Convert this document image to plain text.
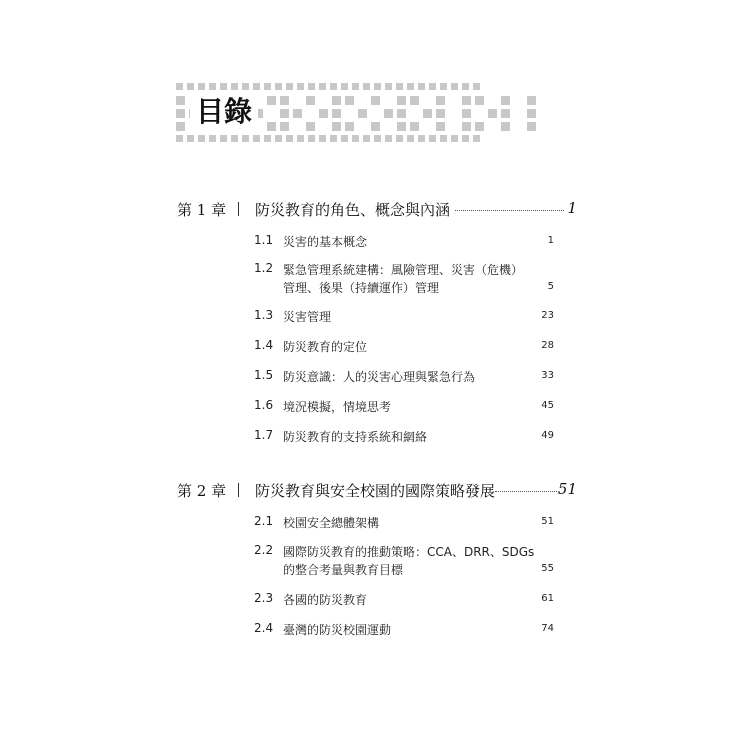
目錄
第 1 章 防災教育的角色、概念與內涵	1
1.1 災害的基本概念	1
1.2 緊急管理系統建構：風險管理、災害（危機）
管理、後果（持續運作）管理	5
1.3 災害管理	23
1.4 防災教育的定位	28
1.5 防災意識：人的災害心理與緊急行為	33
1.6 境況模擬，情境思考	45
1.7 防災教育的支持系統和網絡	49
第 2 章 防災教育與安全校園的國際策略發展	51
2.1 校園安全總體架構	51
2.2 國際防災教育的推動策略：CCA、DRR、SDGs
的整合考量與教育目標	55
2.3 各國的防災教育	61
2.4 臺灣的防災校園運動	74
